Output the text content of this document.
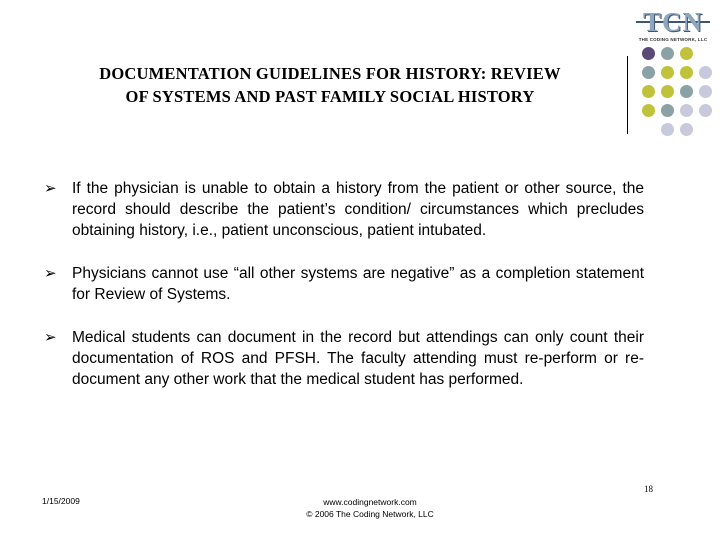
TCN
THE CODING NETWORK, LLC
DOCUMENTATION GUIDELINES FOR HISTORY: REVIEW
OF SYSTEMS AND PAST FAMILY SOCIAL HISTORY
➢ If the physician is unable to obtain a history from the patient or other source, the record should describe the patient’s condition/ circumstances which precludes obtaining history, i.e., patient unconscious, patient intubated.
➢ Physicians cannot use “all other systems are negative” as a completion statement for Review of Systems.
➢ Medical students can document in the record but attendings can only count their documentation of ROS and PFSH. The faculty attending must re-perform or re-document any other work that the medical student has performed.
18
1/15/2009	www.codingnetwork.com
© 2006 The Coding Network, LLC
